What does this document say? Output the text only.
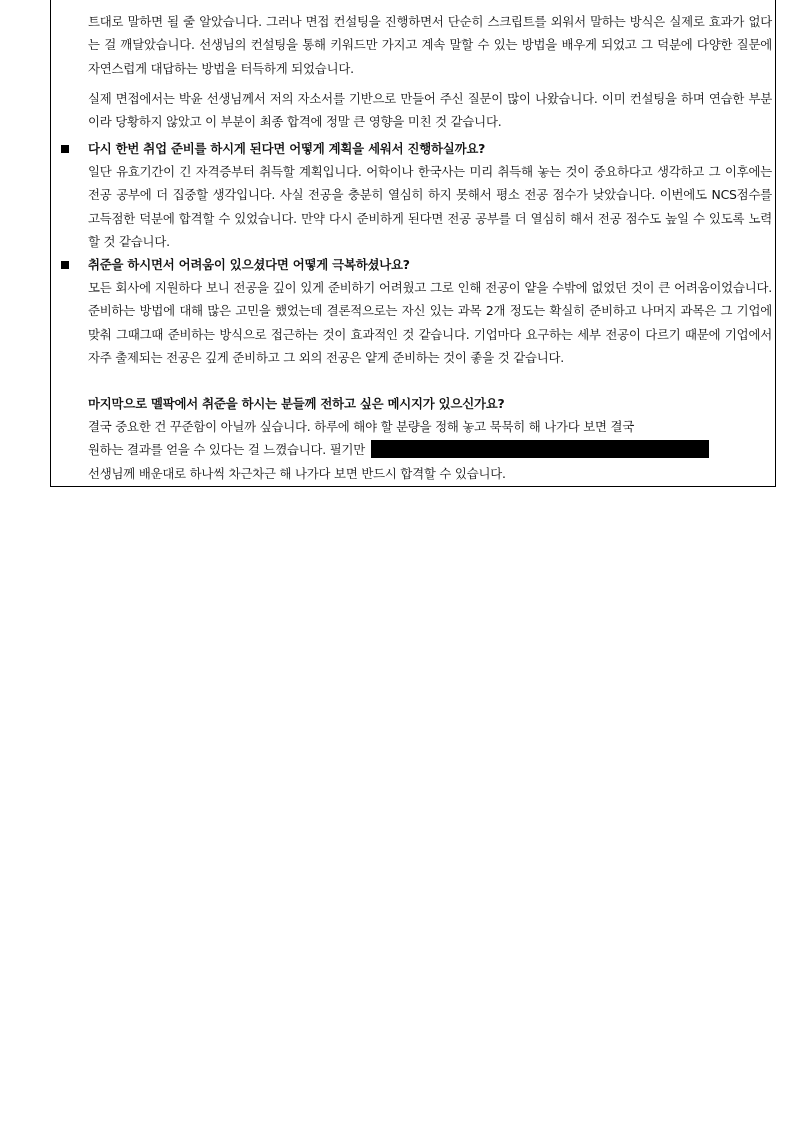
트대로 말하면 될 줄 알았습니다. 그러나 면접 컨설팅을 진행하면서 단순히 스크립트를 외워서 말하는 방식은 실제로 효과가 없다는 걸 깨달았습니다. 선생님의 컨설팅을 통해 키워드만 가지고 계속 말할 수 있는 방법을 배우게 되었고 그 덕분에 다양한 질문에 자연스럽게 대답하는 방법을 터득하게 되었습니다.

실제 면접에서는 박윤 선생님께서 저의 자소서를 기반으로 만들어 주신 질문이 많이 나왔습니다. 이미 컨설팅을 하며 연습한 부분이라 당황하지 않았고 이 부분이 최종 합격에 정말 큰 영향을 미친 것 같습니다.

다시 한번 취업 준비를 하시게 된다면 어떻게 계획을 세워서 진행하실까요?

일단 유효기간이 긴 자격증부터 취득할 계획입니다. 어학이나 한국사는 미리 취득해 놓는 것이 중요하다고 생각하고 그 이후에는 전공 공부에 더 집중할 생각입니다. 사실 전공을 충분히 열심히 하지 못해서 평소 전공 점수가 낮았습니다. 이번에도 NCS점수를 고득점한 덕분에 합격할 수 있었습니다. 만약 다시 준비하게 된다면 전공 공부를 더 열심히 해서 전공 점수도 높일 수 있도록 노력할 것 같습니다.

취준을 하시면서 어려움이 있으셨다면 어떻게 극복하셨나요?

모든 회사에 지원하다 보니 전공을 깊이 있게 준비하기 어려웠고 그로 인해 전공이 얕을 수밖에 없었던 것이 큰 어려움이었습니다. 준비하는 방법에 대해 많은 고민을 했었는데 결론적으로는 자신 있는 과목 2개 정도는 확실히 준비하고 나머지 과목은 그 기업에 맞춰 그때그때 준비하는 방식으로 접근하는 것이 효과적인 것 같습니다. 기업마다 요구하는 세부 전공이 다르기 때문에 기업에서 자주 출제되는 전공은 깊게 준비하고 그 외의 전공은 얕게 준비하는 것이 좋을 것 같습니다.

마지막으로 멜팍에서 취준을 하시는 분들께 전하고 싶은 메시지가 있으신가요?

결국 중요한 건 꾸준함이 아닐까 싶습니다. 하루에 해야 할 분량을 정해 놓고 묵묵히 해 나가다 보면 결국
원하는 결과를 얻을 수 있다는 걸 느꼈습니다. 필기만
선생님께 배운대로 하나씩 차근차근 해 나가다 보면 반드시 합격할 수 있습니다.
